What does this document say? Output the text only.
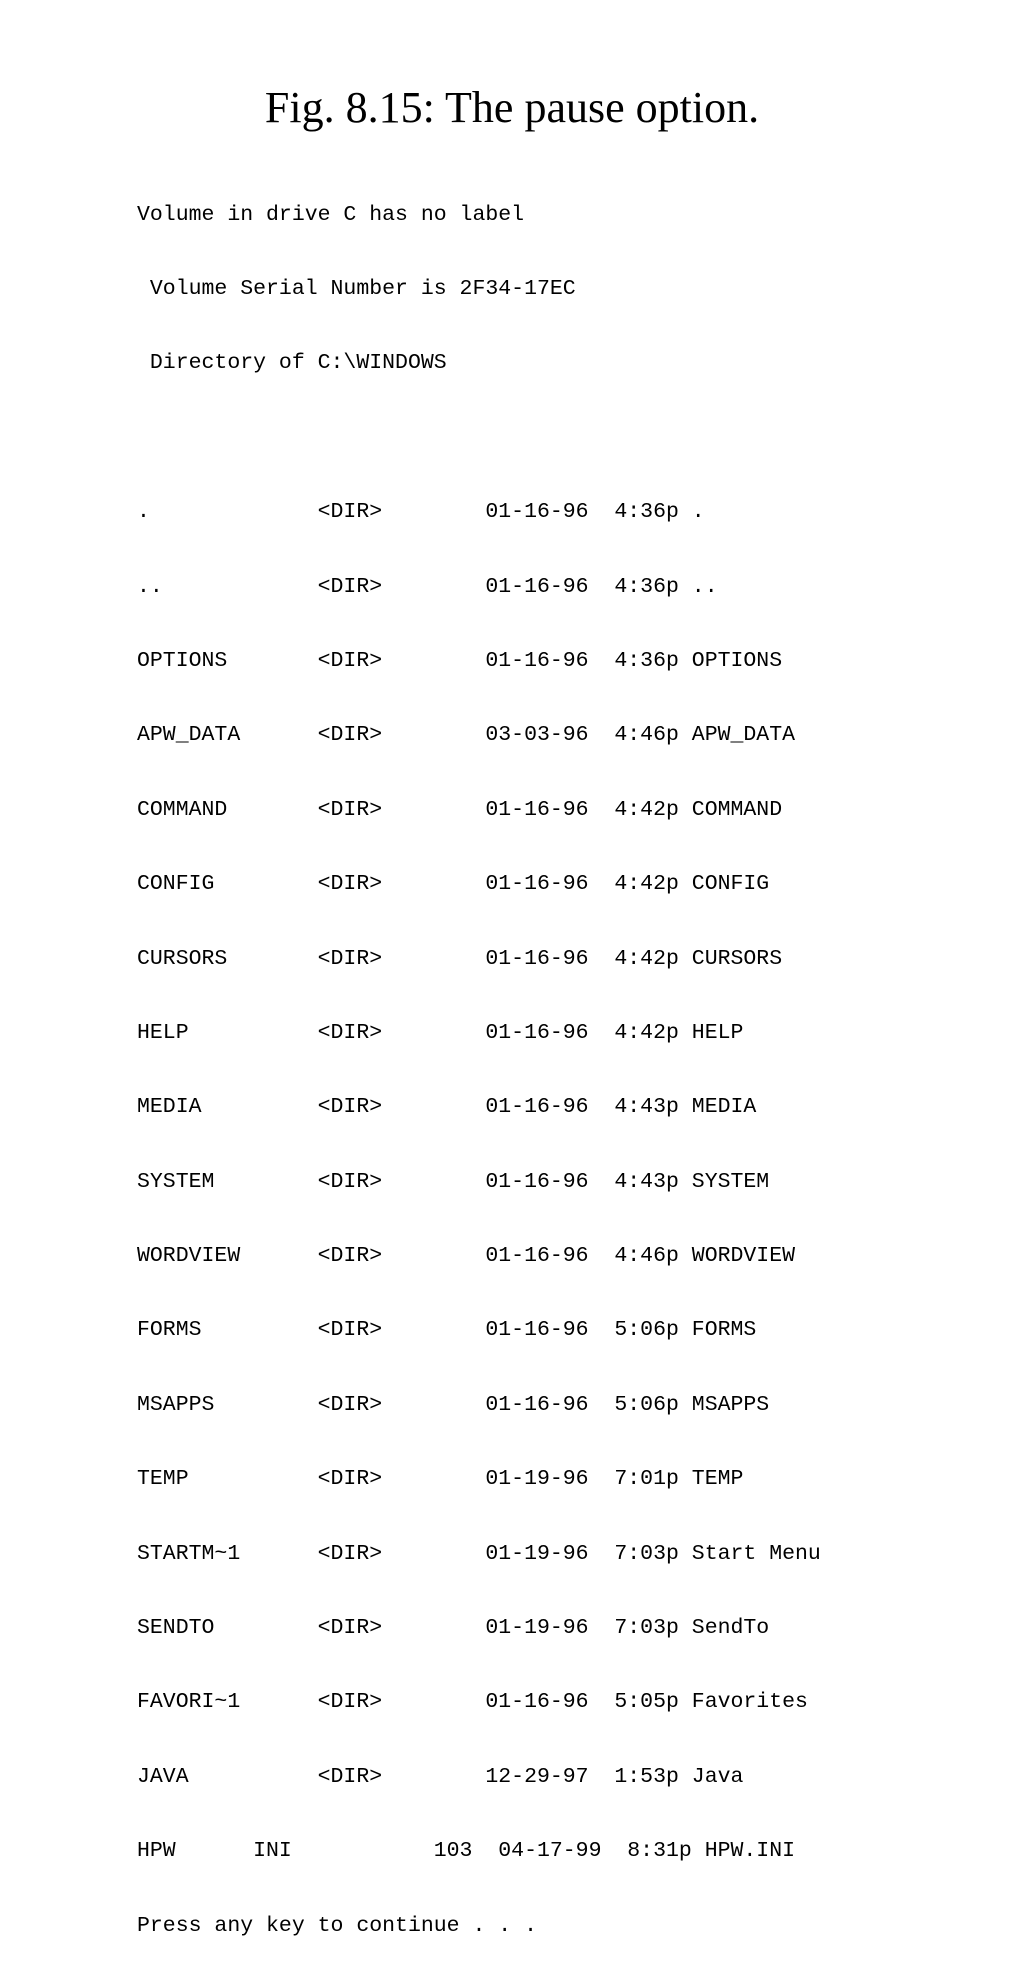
Fig. 8.15: The pause option.

Volume in drive C has no label

Volume Serial Number is 2F34-17EC

Directory of C:\WINDOWS

.             <DIR>        01-16-96  4:36p .

..            <DIR>        01-16-96  4:36p ..

OPTIONS       <DIR>        01-16-96  4:36p OPTIONS

APW_DATA      <DIR>        03-03-96  4:46p APW_DATA

COMMAND       <DIR>        01-16-96  4:42p COMMAND

CONFIG        <DIR>        01-16-96  4:42p CONFIG

CURSORS       <DIR>        01-16-96  4:42p CURSORS

HELP          <DIR>        01-16-96  4:42p HELP

MEDIA         <DIR>        01-16-96  4:43p MEDIA

SYSTEM        <DIR>        01-16-96  4:43p SYSTEM

WORDVIEW      <DIR>        01-16-96  4:46p WORDVIEW

FORMS         <DIR>        01-16-96  5:06p FORMS

MSAPPS        <DIR>        01-16-96  5:06p MSAPPS

TEMP          <DIR>        01-19-96  7:01p TEMP

STARTM~1      <DIR>        01-19-96  7:03p Start Menu

SENDTO        <DIR>        01-19-96  7:03p SendTo

FAVORI~1      <DIR>        01-16-96  5:05p Favorites

JAVA          <DIR>        12-29-97  1:53p Java

HPW      INI           103  04-17-99  8:31p HPW.INI

Press any key to continue . . .
